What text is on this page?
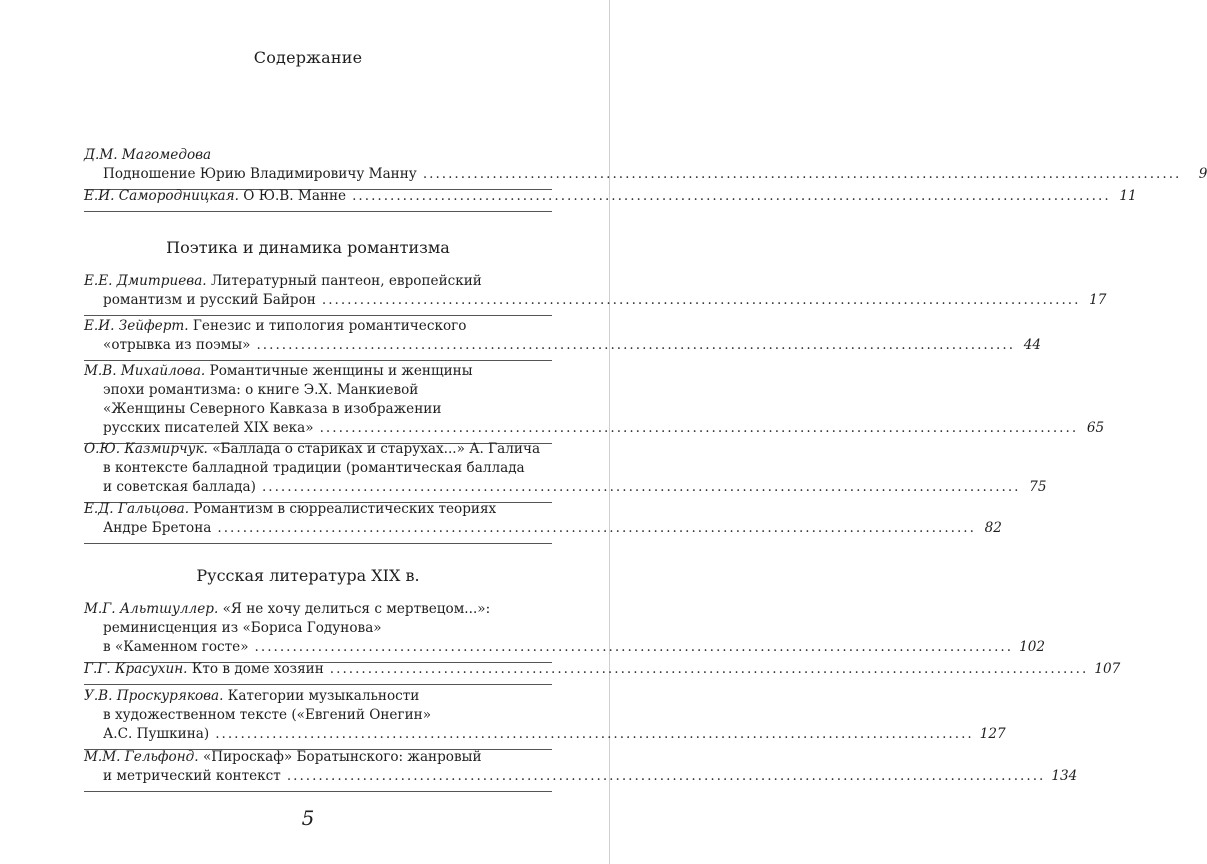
Содержание
Д.М. Магомедова
Подношение Юрию Владимировичу Манну ........................................................................................................................	9
Е.И. Самородницкая. О Ю.В. Манне ........................................................................................................................ 11
Поэтика и динамика романтизма
Е.Е. Дмитриева. Литературный пантеон, европейский
романтизм и русский Байрон ........................................................................................................................ 17
Е.И. Зейферт. Генезис и типология романтического
«отрывка из поэмы» ........................................................................................................................ 44
М.В. Михайлова. Романтичные женщины и женщины
эпохи романтизма: о книге Э.Х. Манкиевой
«Женщины Северного Кавказа в изображении
русских писателей XIX века» ........................................................................................................................ 65
О.Ю. Казмирчук. «Баллада о стариках и старухах...» А. Галича
в контексте балладной традиции (романтическая баллада
и советская баллада) ........................................................................................................................ 75
Е.Д. Гальцова. Романтизм в сюрреалистических теориях
Андре Бретона ........................................................................................................................ 82
Русская литература XIX в.
М.Г. Альтшуллер. «Я не хочу делиться с мертвецом...»:
реминисценция из «Бориса Годунова»
в «Каменном госте» ........................................................................................................................ 102
Г.Г. Красухин. Кто в доме хозяин ........................................................................................................................ 107
У.В. Проскурякова. Категории музыкальности
в художественном тексте («Евгений Онегин»
А.С. Пушкина) ........................................................................................................................ 127
М.М. Гельфонд. «Пироскаф» Боратынского: жанровый
и метрический контекст ........................................................................................................................ 134
5
